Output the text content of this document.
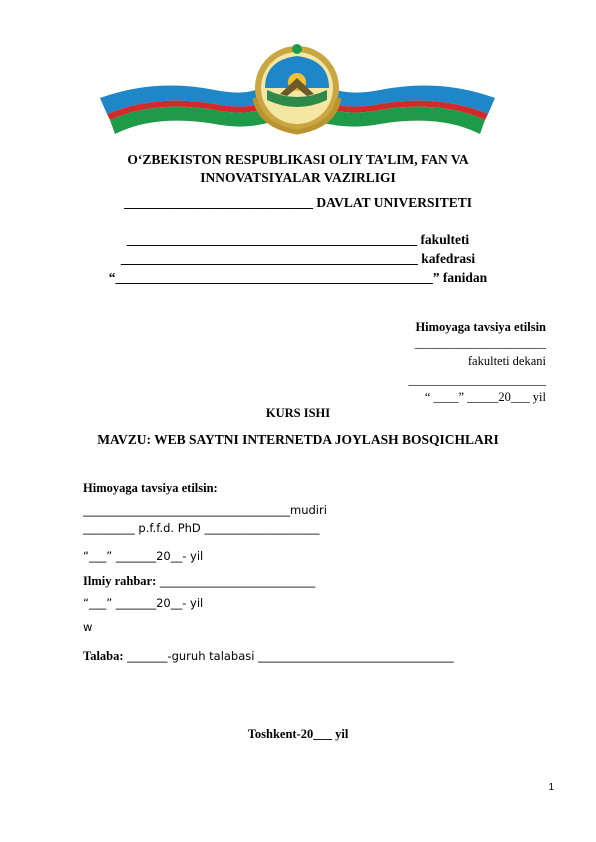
O‘ZBEKISTON RESPUBLIKASI OLIY TA’LIM, FAN VA
INNOVATSIYALAR VAZIRLIGI
____________________________ DAVLAT UNIVERSITETI
___________________________________________ fakulteti
____________________________________________ kafedrasi
“_______________________________________________” fanidan
Himoyaga tavsiya etilsin
_____________________
fakulteti dekani
______________________
“ ____” _____20___ yil
KURS ISHI
MAVZU: WEB SAYTNI INTERNETDA JOYLASH BOSQICHLARI
Himoyaga tavsiya etilsin:
____________________________________mudiri
_________ p.f.f.d. PhD ____________________
“___” _______20__- yil
Ilmiy rahbar: ___________________________
“___” _______20__- yil
w
Talaba: _______-guruh talabasi __________________________________
Toshkent-20___ yil
1
